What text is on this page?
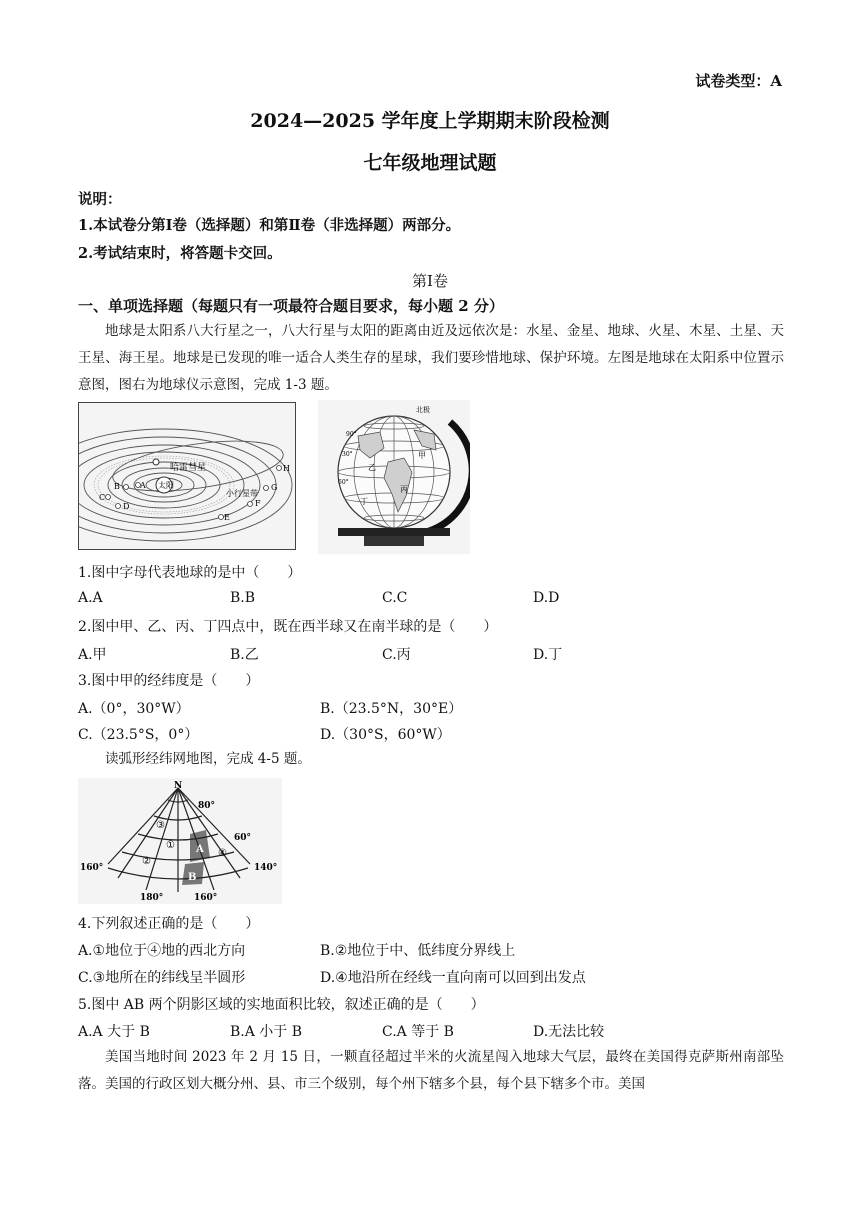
试卷类型：A
2024—2025 学年度上学期期末阶段检测
七年级地理试题
说明：
1.本试卷分第Ⅰ卷（选择题）和第Ⅱ卷（非选择题）两部分。
2.考试结束时，将答题卡交回。
第Ⅰ卷
一、单项选择题（每题只有一项最符合题目要求，每小题 2 分）
地球是太阳系八大行星之一，八大行星与太阳的距离由近及远依次是：水星、金星、地球、火星、木星、土星、天王星、海王星。地球是已发现的唯一适合人类生存的星球，我们要珍惜地球、保护环境。左图是地球在太阳系中位置示意图，图右为地球仪示意图，完成 1-3 题。
哈雷彗星
太阳
小行星带
H
G
F
E
D
C
B	A
北极
甲
乙
丙
丁
30°
60°
90°
1.图中字母代表地球的是中（　　）
A.A	B.B	C.C	D.D
2.图中甲、乙、丙、丁四点中，既在西半球又在南半球的是（　　）
A.甲	B.乙	C.丙	D.丁
3.图中甲的经纬度是（　　）
A.（0°，30°W）	B.（23.5°N，30°E）
C.（23.5°S，0°）	D.（30°S，60°W）
读弧形经纬网地图，完成 4-5 题。
N
80°
60°
160°	140°
180°	160°
①
②
③
④
A
B
4.下列叙述正确的是（　　）
A.①地位于④地的西北方向	B.②地位于中、低纬度分界线上
C.③地所在的纬线呈半圆形	D.④地沿所在经线一直向南可以回到出发点
5.图中 AB 两个阴影区域的实地面积比较，叙述正确的是（　　）
A.A 大于 B	B.A 小于 B	C.A 等于 B	D.无法比较
美国当地时间 2023 年 2 月 15 日，一颗直径超过半米的火流星闯入地球大气层，最终在美国得克萨斯州南部坠落。美国的行政区划大概分州、县、市三个级别，每个州下辖多个县，每个县下辖多个市。美国
